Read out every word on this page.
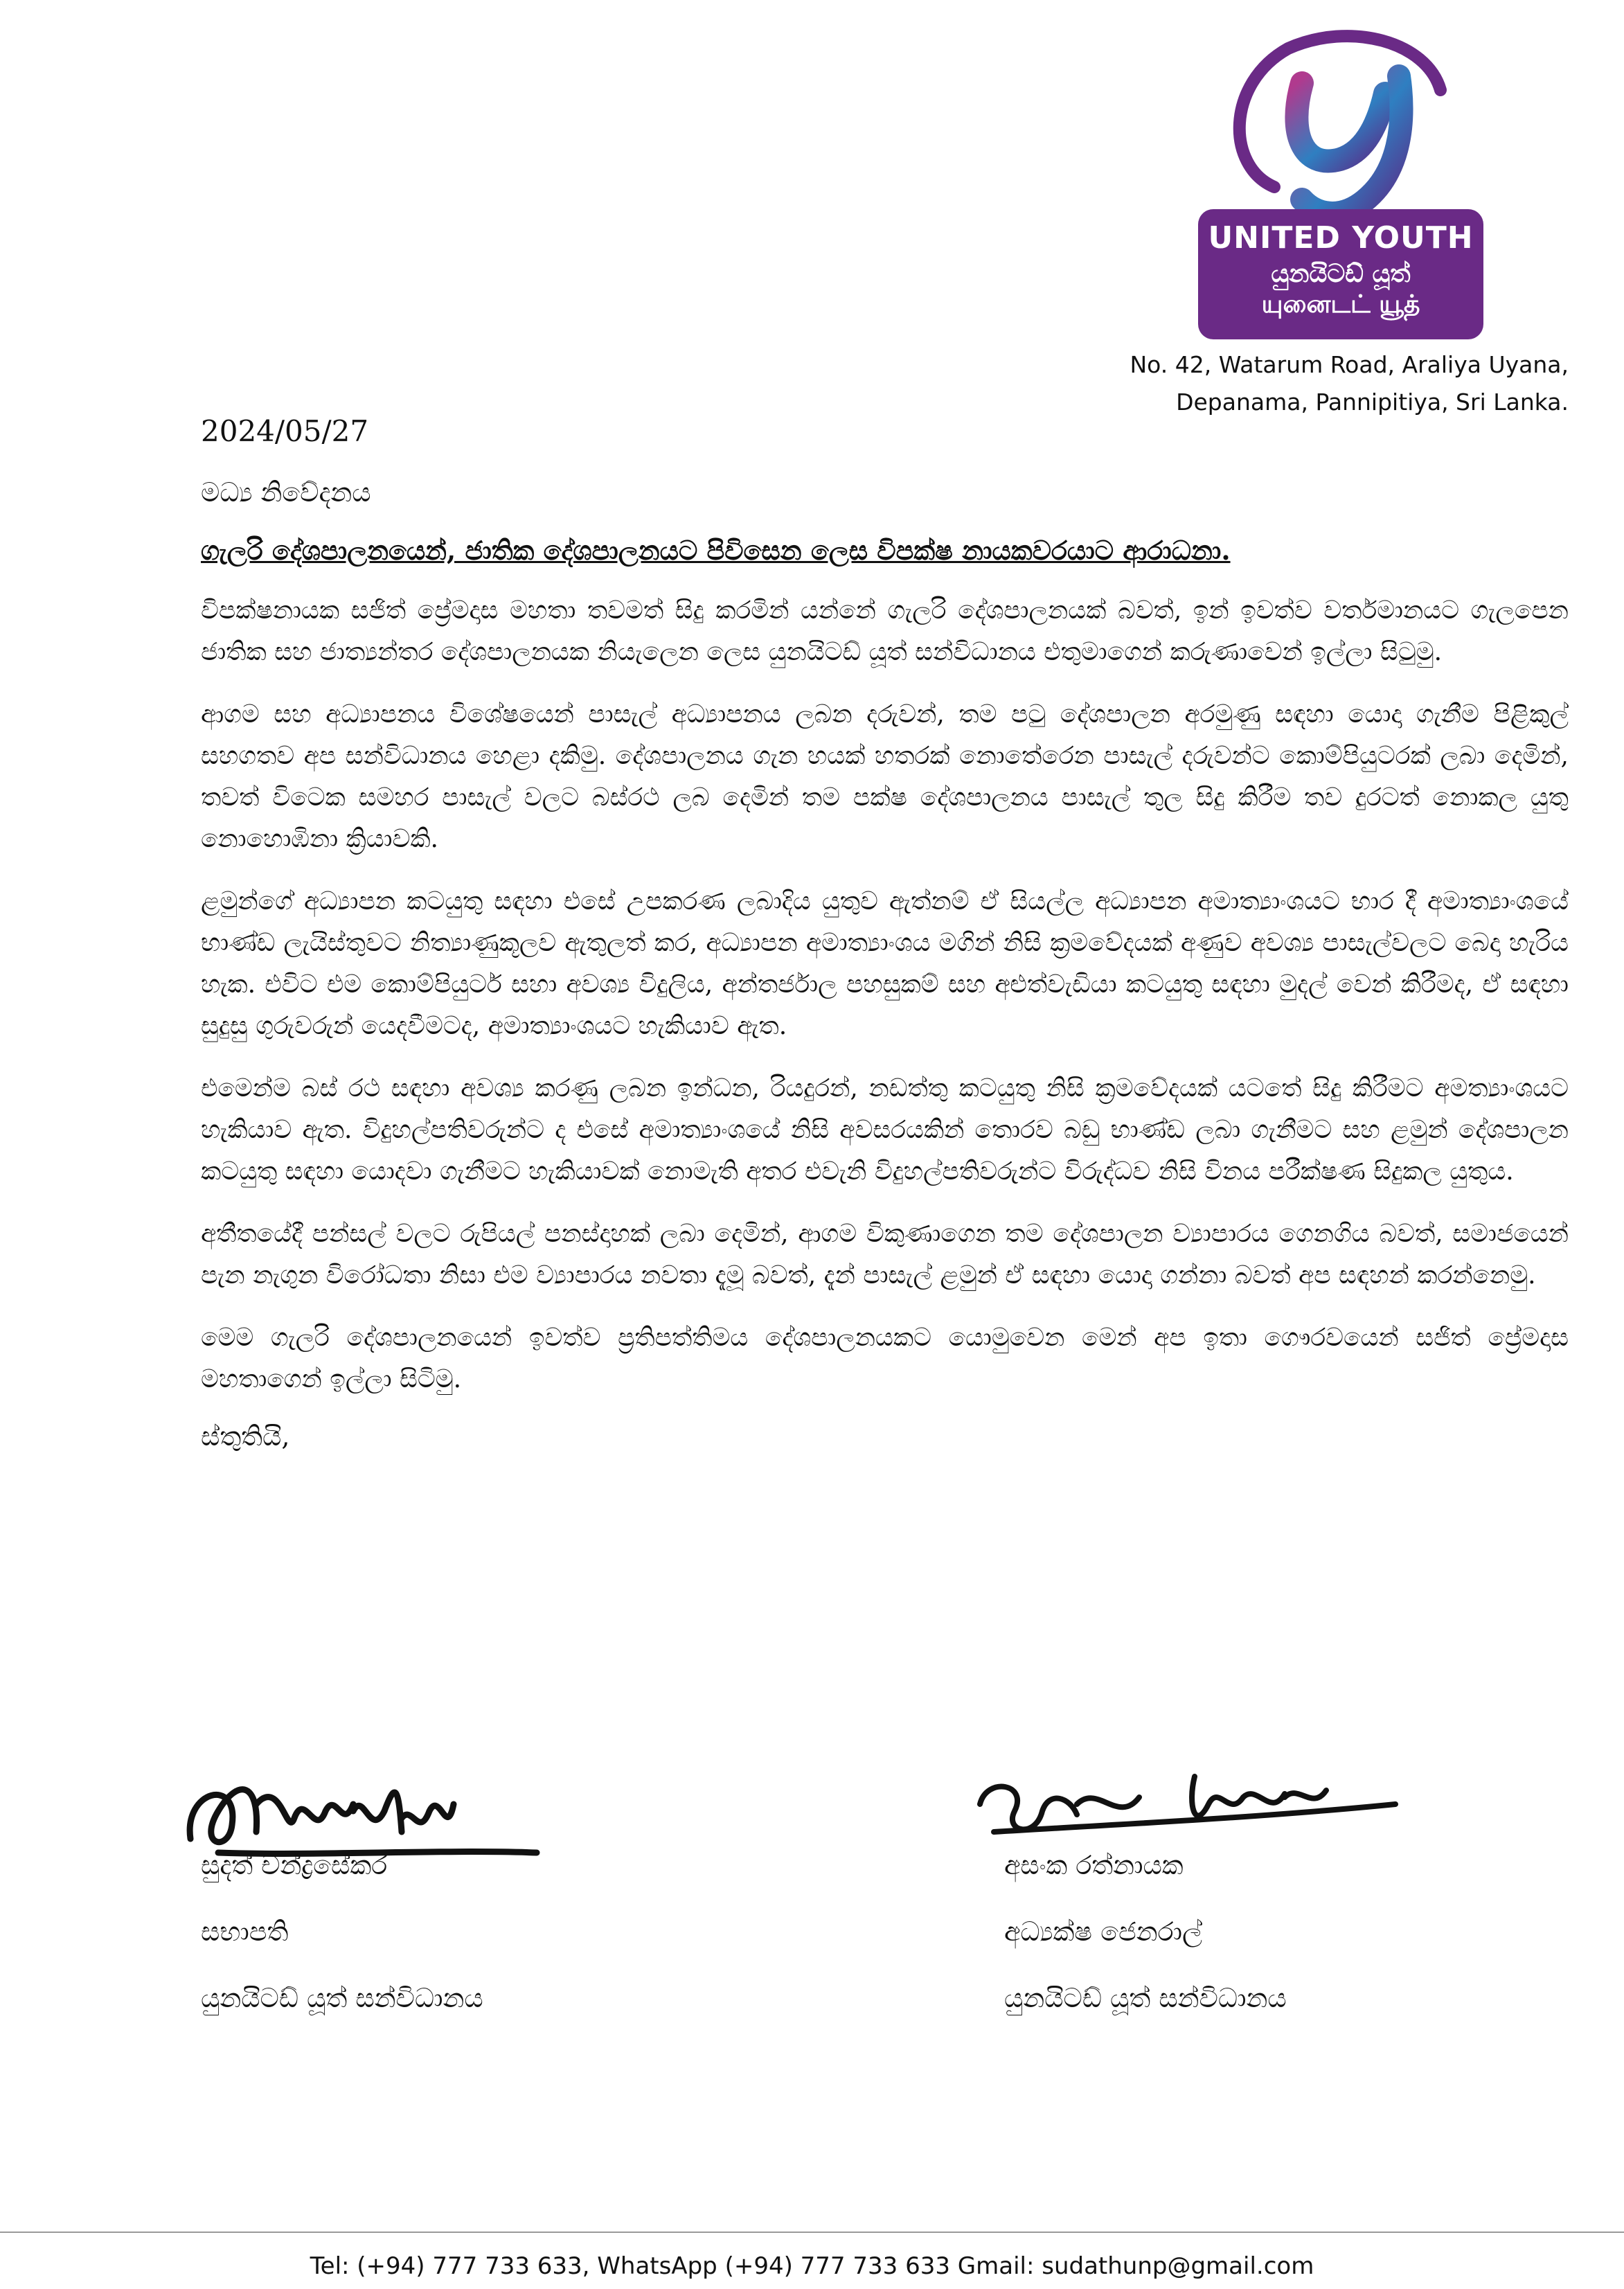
UNITED YOUTH
යුනයිටඩ් යූත්
யுனைடட் யூத்
No. 42, Watarum Road, Araliya Uyana,
Depanama, Pannipitiya, Sri Lanka.
2024/05/27
මධ්‍ය නිවේදනය
ගැලරි දේශපාලනයෙන්, ජාතික දේශපාලනයට පිවිසෙන ලෙස විපක්ෂ නායකවරයාට ආරාධනා.

විපක්ෂනායක සජිත් ප්‍රේමදාස මහතා තවමත් සිදු කරමින් යන්නේ ගැලරි දේශපාලනයක් බවත්, ඉන් ඉවත්ව වර්තමානයට ගැලපෙන ජාතික සහ ජාත්‍යන්තර දේශපාලනයක නියැලෙන ලෙස යුනයිටඩ් යූත් සන්විධානය එතුමාගෙන් කරුණාවෙන් ඉල්ලා සිටුමු.

ආගම සහ අධ්‍යාපනය විශේෂයෙන් පාසැල් අධ්‍යාපනය ලබන දරුවන්, තම පටු දේශපාලන අරමුණු සඳහා යොදා ගැනීම පිළිකුල් සහගතව අප සන්විධානය හෙළා දකිමු. දේශපාලනය ගැන හයක් හතරක් නොතේරෙන පාසැල් දරුවන්ට කොම්පියුටරක් ලබා දෙමින්, තවත් විටෙක සමහර පාසැල් වලට බස්රථ ලබ දෙමින් තම පක්ෂ දේශපාලනය පාසැල් තුල සිදු කිරීම තව දුරටත් නොකල යුතු නොහොඹිනා ක්‍රියාවකි.

ළමුන්ගේ අධ්‍යාපන කටයුතු සඳහා එසේ උපකරණ ලබාදිය යුතුව ඇත්නම් ඒ සියල්ල අධ්‍යාපන අමාත්‍යාංශයට භාර දී අමාත්‍යාංශයේ භාණ්ඩ ලැයිස්තුවට නිත්‍යාණුකූලව ඇතුලත් කර, අධ්‍යාපන අමාත්‍යාංශය මගින් නිසි ක්‍රමවේදයක් අණුව අවශ්‍ය පාසැල්වලට බෙදා හැරිය හැක. එවිට එම කොම්පියුටර් සහා අවශ්‍ය විදුලිය, අන්තර්ජාල පහසුකම් සහ අළුත්වැඩියා කටයුතු සඳහා මුදල් වෙන් කිරීමද, ඒ සඳහා සුදුසු ගුරුවරුන් යෙදවීමටද, අමාත්‍යාංශයට හැකියාව ඇත.

එමෙන්ම බස් රථ සඳහා අවශ්‍ය කරණු ලබන ඉන්ධන, රියදුරන්, නඩත්තු කටයුතු නිසි ක්‍රමවේදයක් යටතේ සිදු කිරීමට අමත්‍යාංශයට හැකියාව ඇත. විදුහල්පතිවරුන්ට ද එසේ අමාත්‍යාංශයේ නිසි අවසරයකින් තොරව බඩු භාණ්ඩ ලබා ගැනීමට සහ ළමුන් දේශපාලන කටයුතු සඳහා යොදවා ගැනීමට හැකියාවක් නොමැති අතර එවැනි විදුහල්පතිවරුන්ට විරුද්ධව නිසි විනය පරීක්ෂණ සිදුකල යුතුය.

අතීතයේදී පන්සල් වලට රුපියල් පනස්දාහක් ලබා දෙමින්, ආගම විකුණාගෙන තම දේශපාලන ව්‍යාපාරය ගෙනගිය බවත්, සමාජයෙන් පැන නැගුන විරෝධතා නිසා එම ව්‍යාපාරය නවතා දැමූ බවත්, දැන් පාසැල් ළමුන් ඒ සඳහා යොදා ගන්නා බවත් අප සඳහන් කරන්නෙමු.

මෙම ගැලරි දේශපාලනයෙන් ඉවත්ව ප්‍රතිපත්තිමය දේශපාලනයකට යොමුවෙන මෙන් අප ඉතා ගෞරවයෙන් සජිත් ප්‍රේමදාස මහතාගෙන් ඉල්ලා සිටිමු.

ස්තුතියි,
සුදත් චන්ද්‍රසේකර
සභාපති
යුනයිටඩ් යූත් සන්විධානය
අසංක රත්නායක
අධ්‍යක්ෂ ජෙනරාල්
යුනයිටඩ් යූත් සන්විධානය
Tel: (+94) 777 733 633, WhatsApp (+94) 777 733 633 Gmail: sudathunp@gmail.com
